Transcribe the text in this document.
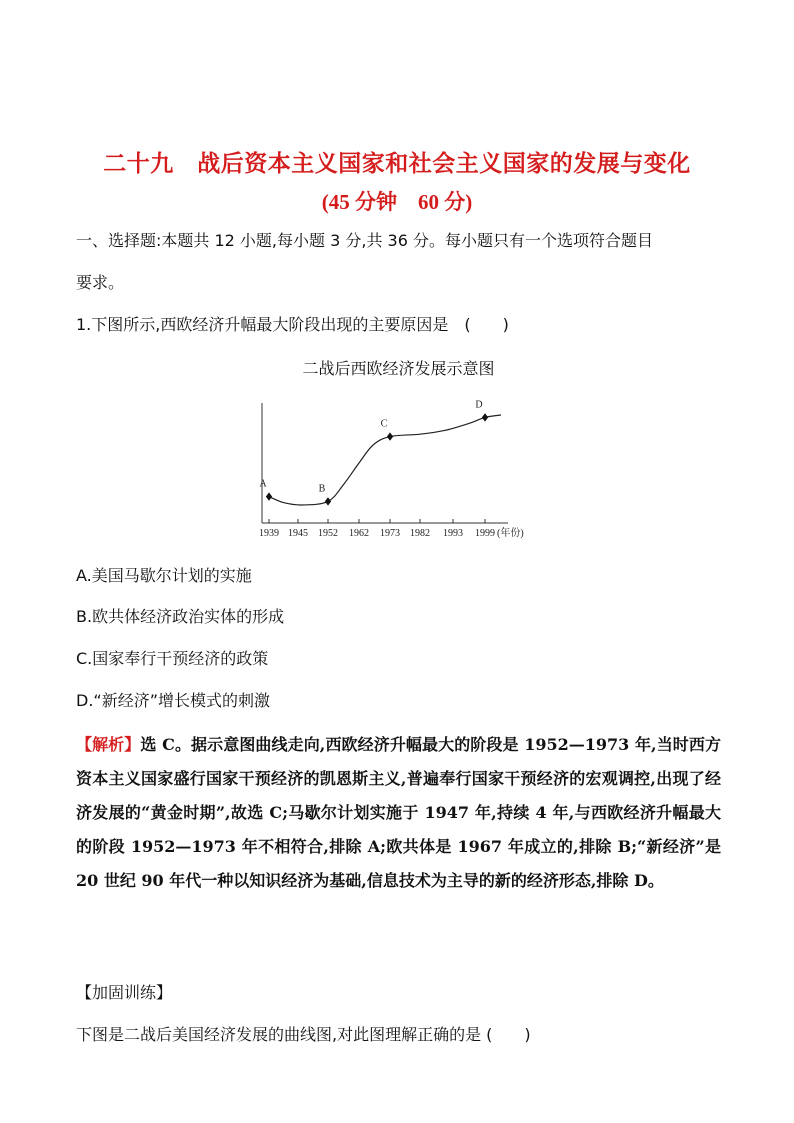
二十九　战后资本主义国家和社会主义国家的发展与变化
(45 分钟　60 分)
一、选择题:本题共 12 小题,每小题 3 分,共 36 分。每小题只有一个选项符合题目
要求。
1.下图所示,西欧经济升幅最大阶段出现的主要原因是　(　　)
二战后西欧经济发展示意图
1939 1945 1952 1962 1973 1982 1993 1999 (年份)
A	B
C
D
A.美国马歇尔计划的实施
B.欧共体经济政治实体的形成
C.国家奉行干预经济的政策
D.“新经济”增长模式的刺激
【解析】选 C。据示意图曲线走向,西欧经济升幅最大的阶段是 1952—1973 年,当时西方资本主义国家盛行国家干预经济的凯恩斯主义,普遍奉行国家干预经济的宏观调控,出现了经济发展的“黄金时期”,故选 C;马歇尔计划实施于 1947 年,持续 4 年,与西欧经济升幅最大的阶段 1952—1973 年不相符合,排除 A;欧共体是 1967 年成立的,排除 B;“新经济”是 20 世纪 90 年代一种以知识经济为基础,信息技术为主导的新的经济形态,排除 D。
【加固训练】
下图是二战后美国经济发展的曲线图,对此图理解正确的是 (　　)
